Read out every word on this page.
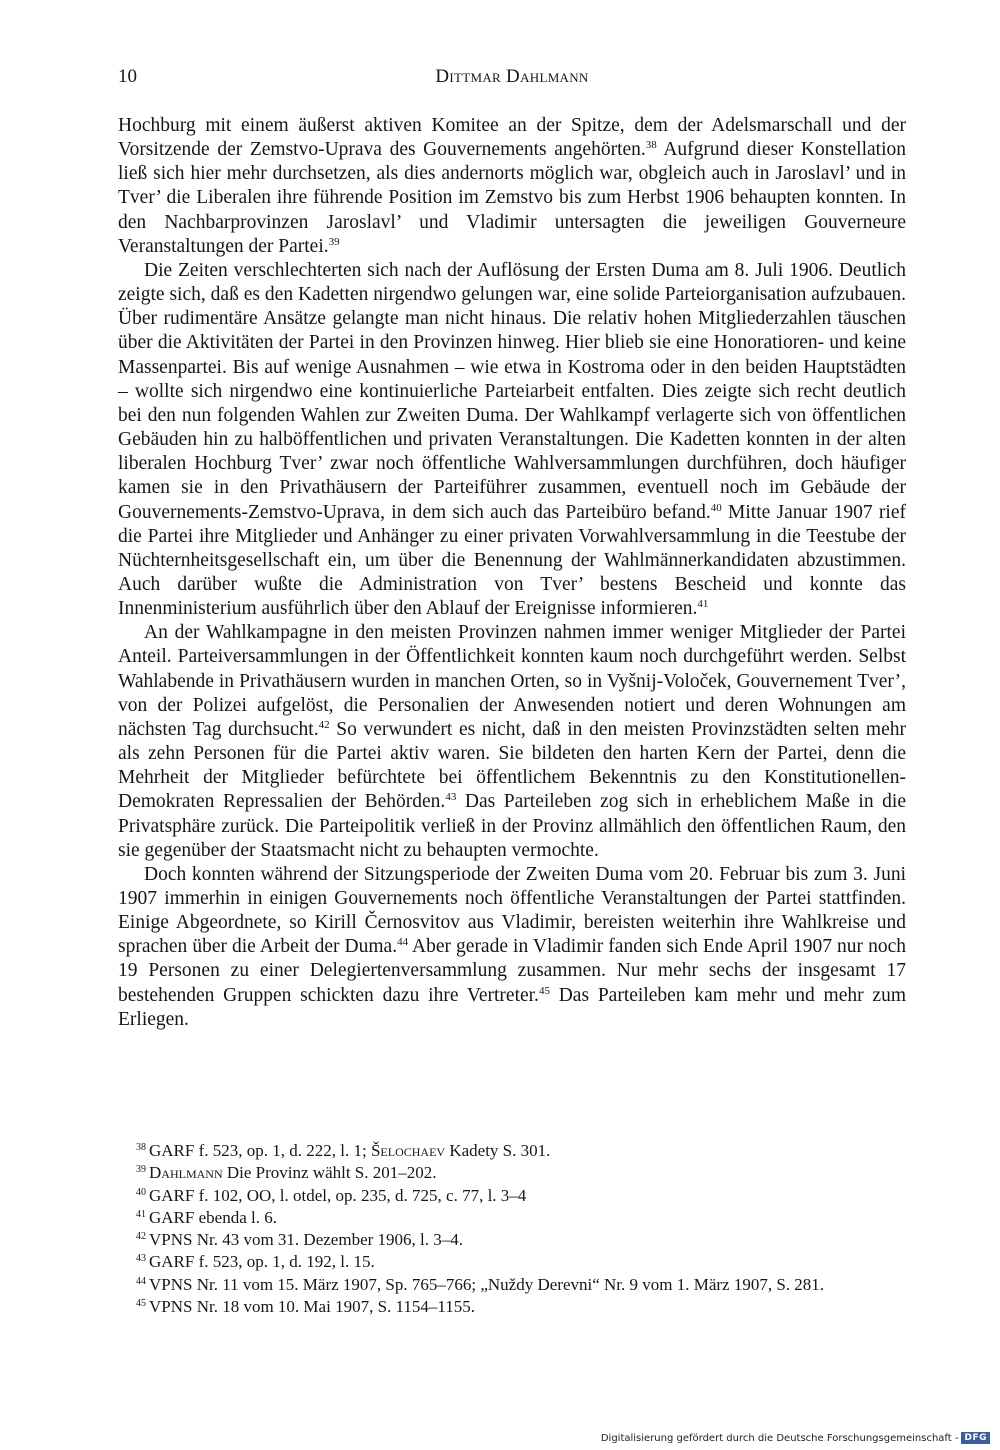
10	Dittmar Dahlmann

Hochburg mit einem äußerst aktiven Komitee an der Spitze, dem der Adelsmarschall und der Vorsitzende der Zemstvo-Uprava des Gouvernements angehörten.$^{38}$ Aufgrund dieser Konstellation ließ sich hier mehr durchsetzen, als dies andernorts möglich war, obgleich auch in Jaroslavl’ und in Tver’ die Liberalen ihre führende Position im Zemstvo bis zum Herbst 1906 behaupten konnten. In den Nachbarprovinzen Jaroslavl’ und Vladimir untersagten die jeweiligen Gouverneure Veranstaltungen der Partei.$^{39}$

Die Zeiten verschlechterten sich nach der Auflösung der Ersten Duma am 8. Juli 1906. Deutlich zeigte sich, daß es den Kadetten nirgendwo gelungen war, eine solide Parteiorganisation aufzubauen. Über rudimentäre Ansätze gelangte man nicht hinaus. Die relativ hohen Mitgliederzahlen täuschen über die Aktivitäten der Partei in den Provinzen hinweg. Hier blieb sie eine Honoratioren- und keine Massenpartei. Bis auf wenige Ausnahmen – wie etwa in Kostroma oder in den beiden Hauptstädten – wollte sich nirgendwo eine kontinuierliche Parteiarbeit entfalten. Dies zeigte sich recht deutlich bei den nun folgenden Wahlen zur Zweiten Duma. Der Wahlkampf verlagerte sich von öffentlichen Gebäuden hin zu halböffentlichen und privaten Veranstaltungen. Die Kadetten konnten in der alten liberalen Hochburg Tver’ zwar noch öffentliche Wahlversammlungen durchführen, doch häufiger kamen sie in den Privathäusern der Parteiführer zusammen, eventuell noch im Gebäude der Gouvernements-Zemstvo-Uprava, in dem sich auch das Parteibüro befand.$^{40}$ Mitte Januar 1907 rief die Partei ihre Mitglieder und Anhänger zu einer privaten Vorwahlversammlung in die Teestube der Nüchternheitsgesellschaft ein, um über die Benennung der Wahlmännerkandidaten abzustimmen. Auch darüber wußte die Administration von Tver’ bestens Bescheid und konnte das Innenministerium ausführlich über den Ablauf der Ereignisse informieren.$^{41}$

An der Wahlkampagne in den meisten Provinzen nahmen immer weniger Mitglieder der Partei Anteil. Parteiversammlungen in der Öffentlichkeit konnten kaum noch durchgeführt werden. Selbst Wahlabende in Privathäusern wurden in manchen Orten, so in Vyšnij-Voloček, Gouvernement Tver’, von der Polizei aufgelöst, die Personalien der Anwesenden notiert und deren Wohnungen am nächsten Tag durchsucht.$^{42}$ So verwundert es nicht, daß in den meisten Provinzstädten selten mehr als zehn Personen für die Partei aktiv waren. Sie bildeten den harten Kern der Partei, denn die Mehrheit der Mitglieder befürchtete bei öffentlichem Bekenntnis zu den Konstitutionellen-Demokraten Repressalien der Behörden.$^{43}$ Das Parteileben zog sich in erheblichem Maße in die Privatsphäre zurück. Die Parteipolitik verließ in der Provinz allmählich den öffentlichen Raum, den sie gegenüber der Staatsmacht nicht zu behaupten vermochte.

Doch konnten während der Sitzungsperiode der Zweiten Duma vom 20. Februar bis zum 3. Juni 1907 immerhin in einigen Gouvernements noch öffentliche Veranstaltungen der Partei stattfinden. Einige Abgeordnete, so Kirill Černosvitov aus Vladimir, bereisten weiterhin ihre Wahlkreise und sprachen über die Arbeit der Duma.$^{44}$ Aber gerade in Vladimir fanden sich Ende April 1907 nur noch 19 Personen zu einer Delegiertenversammlung zusammen. Nur mehr sechs der insgesamt 17 bestehenden Gruppen schickten dazu ihre Vertreter.$^{45}$ Das Parteileben kam mehr und mehr zum Erliegen.

$^{38}$ GARF f. 523, op. 1, d. 222, l. 1; Šelochaev Kadety S. 301.

$^{39}$ Dahlmann Die Provinz wählt S. 201–202.

$^{40}$ GARF f. 102, OO, l. otdel, op. 235, d. 725, c. 77, l. 3–4

$^{41}$ GARF ebenda l. 6.

$^{42}$ VPNS Nr. 43 vom 31. Dezember 1906, l. 3–4.

$^{43}$ GARF f. 523, op. 1, d. 192, l. 15.

$^{44}$ VPNS Nr. 11 vom 15. März 1907, Sp. 765–766; „Nuždy Derevni“ Nr. 9 vom 1. März 1907, S. 281.

$^{45}$ VPNS Nr. 18 vom 10. Mai 1907, S. 1154–1155.

Digitalisierung gefördert durch die Deutsche Forschungsgemeinschaft - DFG
